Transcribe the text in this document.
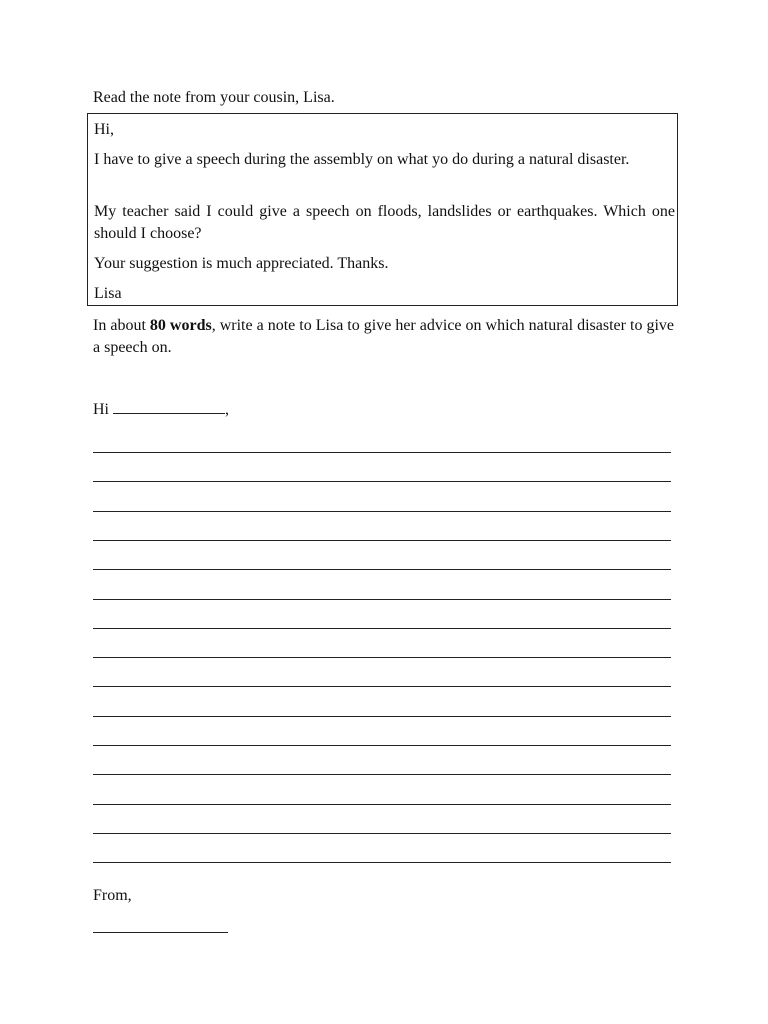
Read the note from your cousin, Lisa.
Hi,
I have to give a speech during the assembly on what yo do during a natural disaster.
My teacher said I could give a speech on floods, landslides or earthquakes. Which one should I choose?
Your suggestion is much appreciated. Thanks.
Lisa
In about 80 words, write a note to Lisa to give her advice on which natural disaster to give a speech on.
Hi	,
From,
